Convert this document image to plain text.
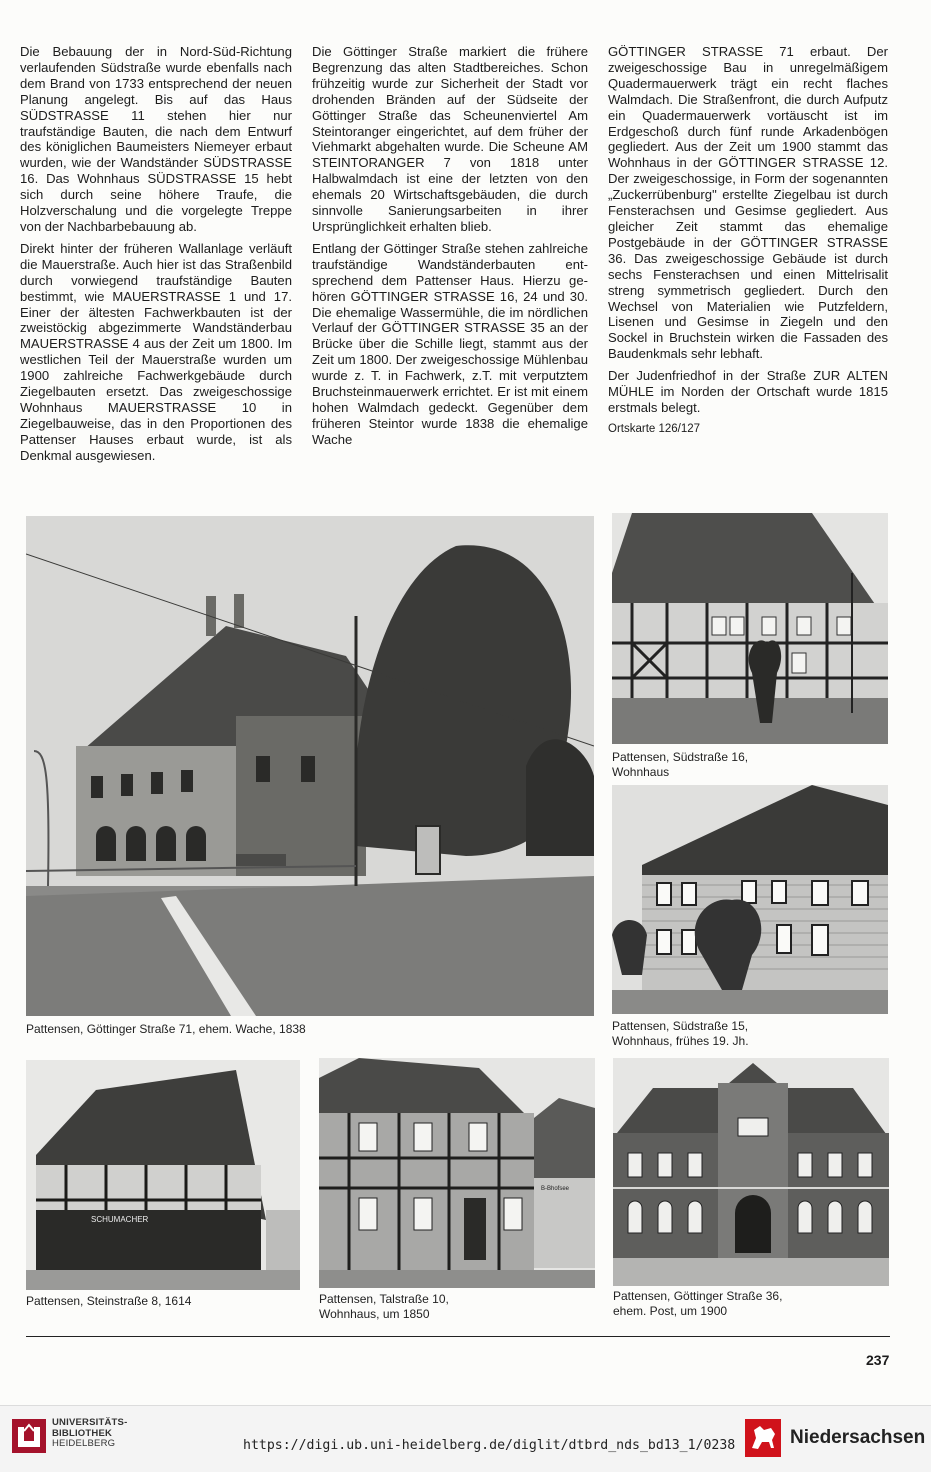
Die Bebauung der in Nord-Süd-Richtung verlaufenden Südstraße wurde ebenfalls nach dem Brand von 1733 entsprechend der neuen Planung angelegt. Bis auf das Haus SÜDSTRASSE 11 stehen hier nur traufständige Bauten, die nach dem Entwurf des königlichen Baumeisters Niemeyer erbaut wurden, wie der Wandständer SÜDSTRASSE 16. Das Wohnhaus SÜDSTRASSE 15 hebt sich durch seine höhere Traufe, die Holzverschalung und die vorgelegte Treppe von der Nachbarbebauung ab.

Direkt hinter der früheren Wallanlage verläuft die Mauerstraße. Auch hier ist das Straßenbild durch vorwiegend traufständige Bauten bestimmt, wie MAUERSTRASSE 1 und 17. Einer der ältesten Fachwerkbauten ist der zweistöckig abgezimmerte Wandständerbau MAUERSTRASSE 4 aus der Zeit um 1800. Im westlichen Teil der Mauerstraße wurden um 1900 zahlreiche Fachwerkgebäude durch Ziegelbauten ersetzt. Das zweigeschossige Wohnhaus MAUERSTRASSE 10 in Ziegelbauweise, das in den Proportionen des Pattenser Hauses erbaut wurde, ist als Denkmal ausgewiesen.

Die Göttinger Straße markiert die frühere Begrenzung das alten Stadtbereiches. Schon frühzeitig wurde zur Sicherheit der Stadt vor drohenden Bränden auf der Südseite der Göttinger Straße das Scheunenviertel Am Steintoranger eingerichtet, auf dem früher der Viehmarkt abgehalten wurde. Die Scheune AM STEINTORANGER 7 von 1818 unter Halbwalmdach ist eine der letzten von den ehemals 20 Wirtschaftsgebäuden, die durch sinnvolle Sanierungsarbeiten in ihrer Ursprünglichkeit erhalten blieb.

Entlang der Göttinger Straße stehen zahlreiche traufständige Wandständerbauten entsprechend dem Pattenser Haus. Hierzu gehören GÖTTINGER STRASSE 16, 24 und 30. Die ehemalige Wassermühle, die im nördlichen Verlauf der GÖTTINGER STRASSE 35 an der Brücke über die Schille liegt, stammt aus der Zeit um 1800. Der zweigeschossige Mühlenbau wurde z. T. in Fachwerk, z.T. mit verputztem Bruchsteinmauerwerk errichtet. Er ist mit einem hohen Walmdach gedeckt. Gegenüber dem früheren Steintor wurde 1838 die ehemalige Wache

GÖTTINGER STRASSE 71 erbaut. Der zweigeschossige Bau in unregelmäßigem Quadermauerwerk trägt ein recht flaches Walmdach. Die Straßenfront, die durch Aufputz ein Quadermauerwerk vortäuscht ist im Erdgeschoß durch fünf runde Arkadenbögen gegliedert. Aus der Zeit um 1900 stammt das Wohnhaus in der GÖTTINGER STRASSE 12. Der zweigeschossige, in Form der sogenannten „Zuckerrübenburg" erstellte Ziegelbau ist durch Fensterachsen und Gesimse gegliedert. Aus gleicher Zeit stammt das ehemalige Postgebäude in der GÖTTINGER STRASSE 36. Das zweigeschossige Gebäude ist durch sechs Fensterachsen und einen Mittelrisalit streng symmetrisch gegliedert. Durch den Wechsel von Materialien wie Putzfeldern, Lisenen und Gesimse in Ziegeln und den Sockel in Bruchstein wirken die Fassaden des Baudenkmals sehr lebhaft.

Der Judenfriedhof in der Straße ZUR ALTEN MÜHLE im Norden der Ortschaft wurde 1815 erstmals belegt.

Ortskarte 126/127

Pattensen, Göttinger Straße 71, ehem. Wache, 1838
Pattensen, Südstraße 16,
Wohnhaus
Pattensen, Südstraße 15,
Wohnhaus, frühes 19. Jh.
SCHUMACHER
Pattensen, Steinstraße 8, 1614
B-Bhofsee
Pattensen, Talstraße 10,
Wohnhaus, um 1850
Pattensen, Göttinger Straße 36,
ehem. Post, um 1900
237
UNIVERSITÄTS-
BIBLIOTHEK
HEIDELBERG	https://digi.ub.uni-heidelberg.de/diglit/dtbrd_nds_bd13_1/0238	Niedersachsen
